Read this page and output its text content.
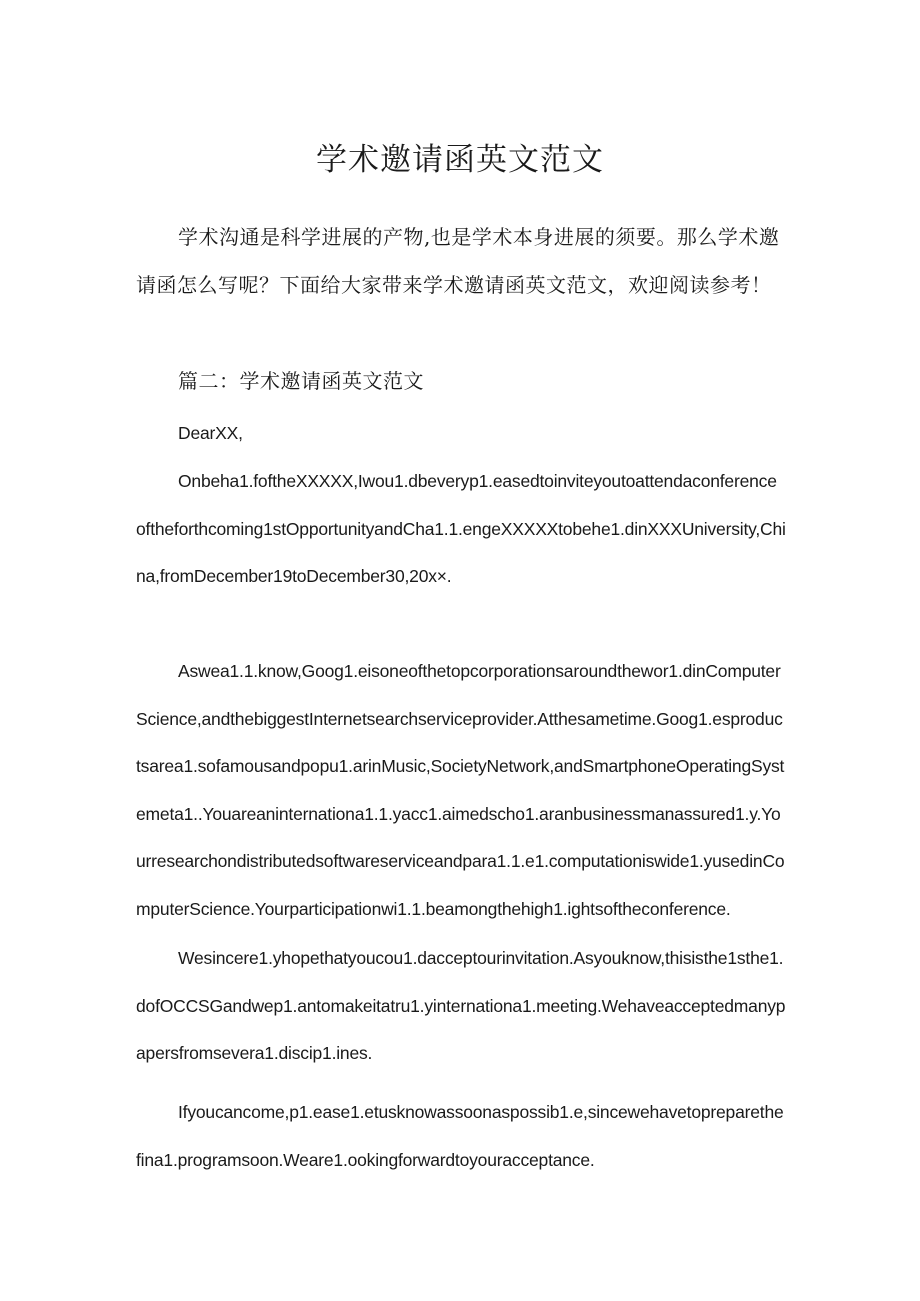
学术邀请函英文范文

学术沟通是科学进展的产物,也是学术本身进展的须要。那么学术邀请函怎么写呢？下面给大家带来学术邀请函英文范文，欢迎阅读参考！

篇二：学术邀请函英文范文

DearXX,

Onbeha1.foftheXXXXX,Iwou1.dbeveryp1.easedtoinviteyoutoattendaconferenceoftheforthcoming1stOpportunityandCha1.1.engeXXXXXtobehe1.dinXXXUniversity,China,fromDecember19toDecember30,20x×.

Aswea1.1.know,Goog1.eisoneofthetopcorporationsaroundthewor1.dinComputerScience,andthebiggestInternetsearchserviceprovider.Atthesametime.Goog1.esproductsarea1.sofamousandpopu1.arinMusic,SocietyNetwork,andSmartphoneOperatingSystemeta1..Youareaninternationa1.1.yacc1.aimedscho1.aranbusinessmanassured1.y.Yourresearchondistributedsoftwareserviceandpara1.1.e1.computationiswide1.yusedinComputerScience.Yourparticipationwi1.1.beamongthehigh1.ightsoftheconference.

Wesincere1.yhopethatyoucou1.dacceptourinvitation.Asyouknow,thisisthe1sthe1.dofOCCSGandwep1.antomakeitatru1.yinternationa1.meeting.Wehaveacceptedmanypapersfromsevera1.discip1.ines.

Ifyoucancome,p1.ease1.etusknowassoonaspossib1.e,sincewehavetopreparethefina1.programsoon.Weare1.ookingforwardtoyouracceptance.
